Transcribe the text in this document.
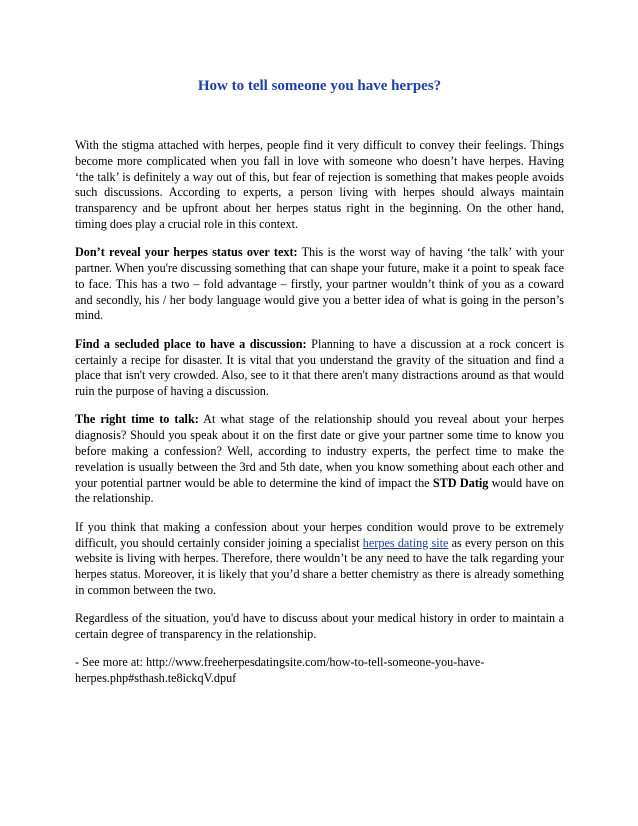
How to tell someone you have herpes?

With the stigma attached with herpes, people find it very difficult to convey their feelings. Things become more complicated when you fall in love with someone who doesn’t have herpes. Having ‘the talk’ is definitely a way out of this, but fear of rejection is something that makes people avoids such discussions. According to experts, a person living with herpes should always maintain transparency and be upfront about her herpes status right in the beginning. On the other hand, timing does play a crucial role in this context.

Don’t reveal your herpes status over text: This is the worst way of having ‘the talk’ with your partner. When you're discussing something that can shape your future, make it a point to speak face to face. This has a two – fold advantage – firstly, your partner wouldn’t think of you as a coward and secondly, his / her body language would give you a better idea of what is going in the person’s mind.

Find a secluded place to have a discussion: Planning to have a discussion at a rock concert is certainly a recipe for disaster. It is vital that you understand the gravity of the situation and find a place that isn't very crowded. Also, see to it that there aren't many distractions around as that would ruin the purpose of having a discussion.

The right time to talk: At what stage of the relationship should you reveal about your herpes diagnosis? Should you speak about it on the first date or give your partner some time to know you before making a confession? Well, according to industry experts, the perfect time to make the revelation is usually between the 3rd and 5th date, when you know something about each other and your potential partner would be able to determine the kind of impact the STD Datig would have on the relationship.

If you think that making a confession about your herpes condition would prove to be extremely difficult, you should certainly consider joining a specialist herpes dating site as every person on this website is living with herpes. Therefore, there wouldn’t be any need to have the talk regarding your herpes status. Moreover, it is likely that you’d share a better chemistry as there is already something in common between the two.

Regardless of the situation, you'd have to discuss about your medical history in order to maintain a certain degree of transparency in the relationship.

- See more at: http://www.freeherpesdatingsite.com/how-to-tell-someone-you-have-
herpes.php#sthash.te8ickqV.dpuf
